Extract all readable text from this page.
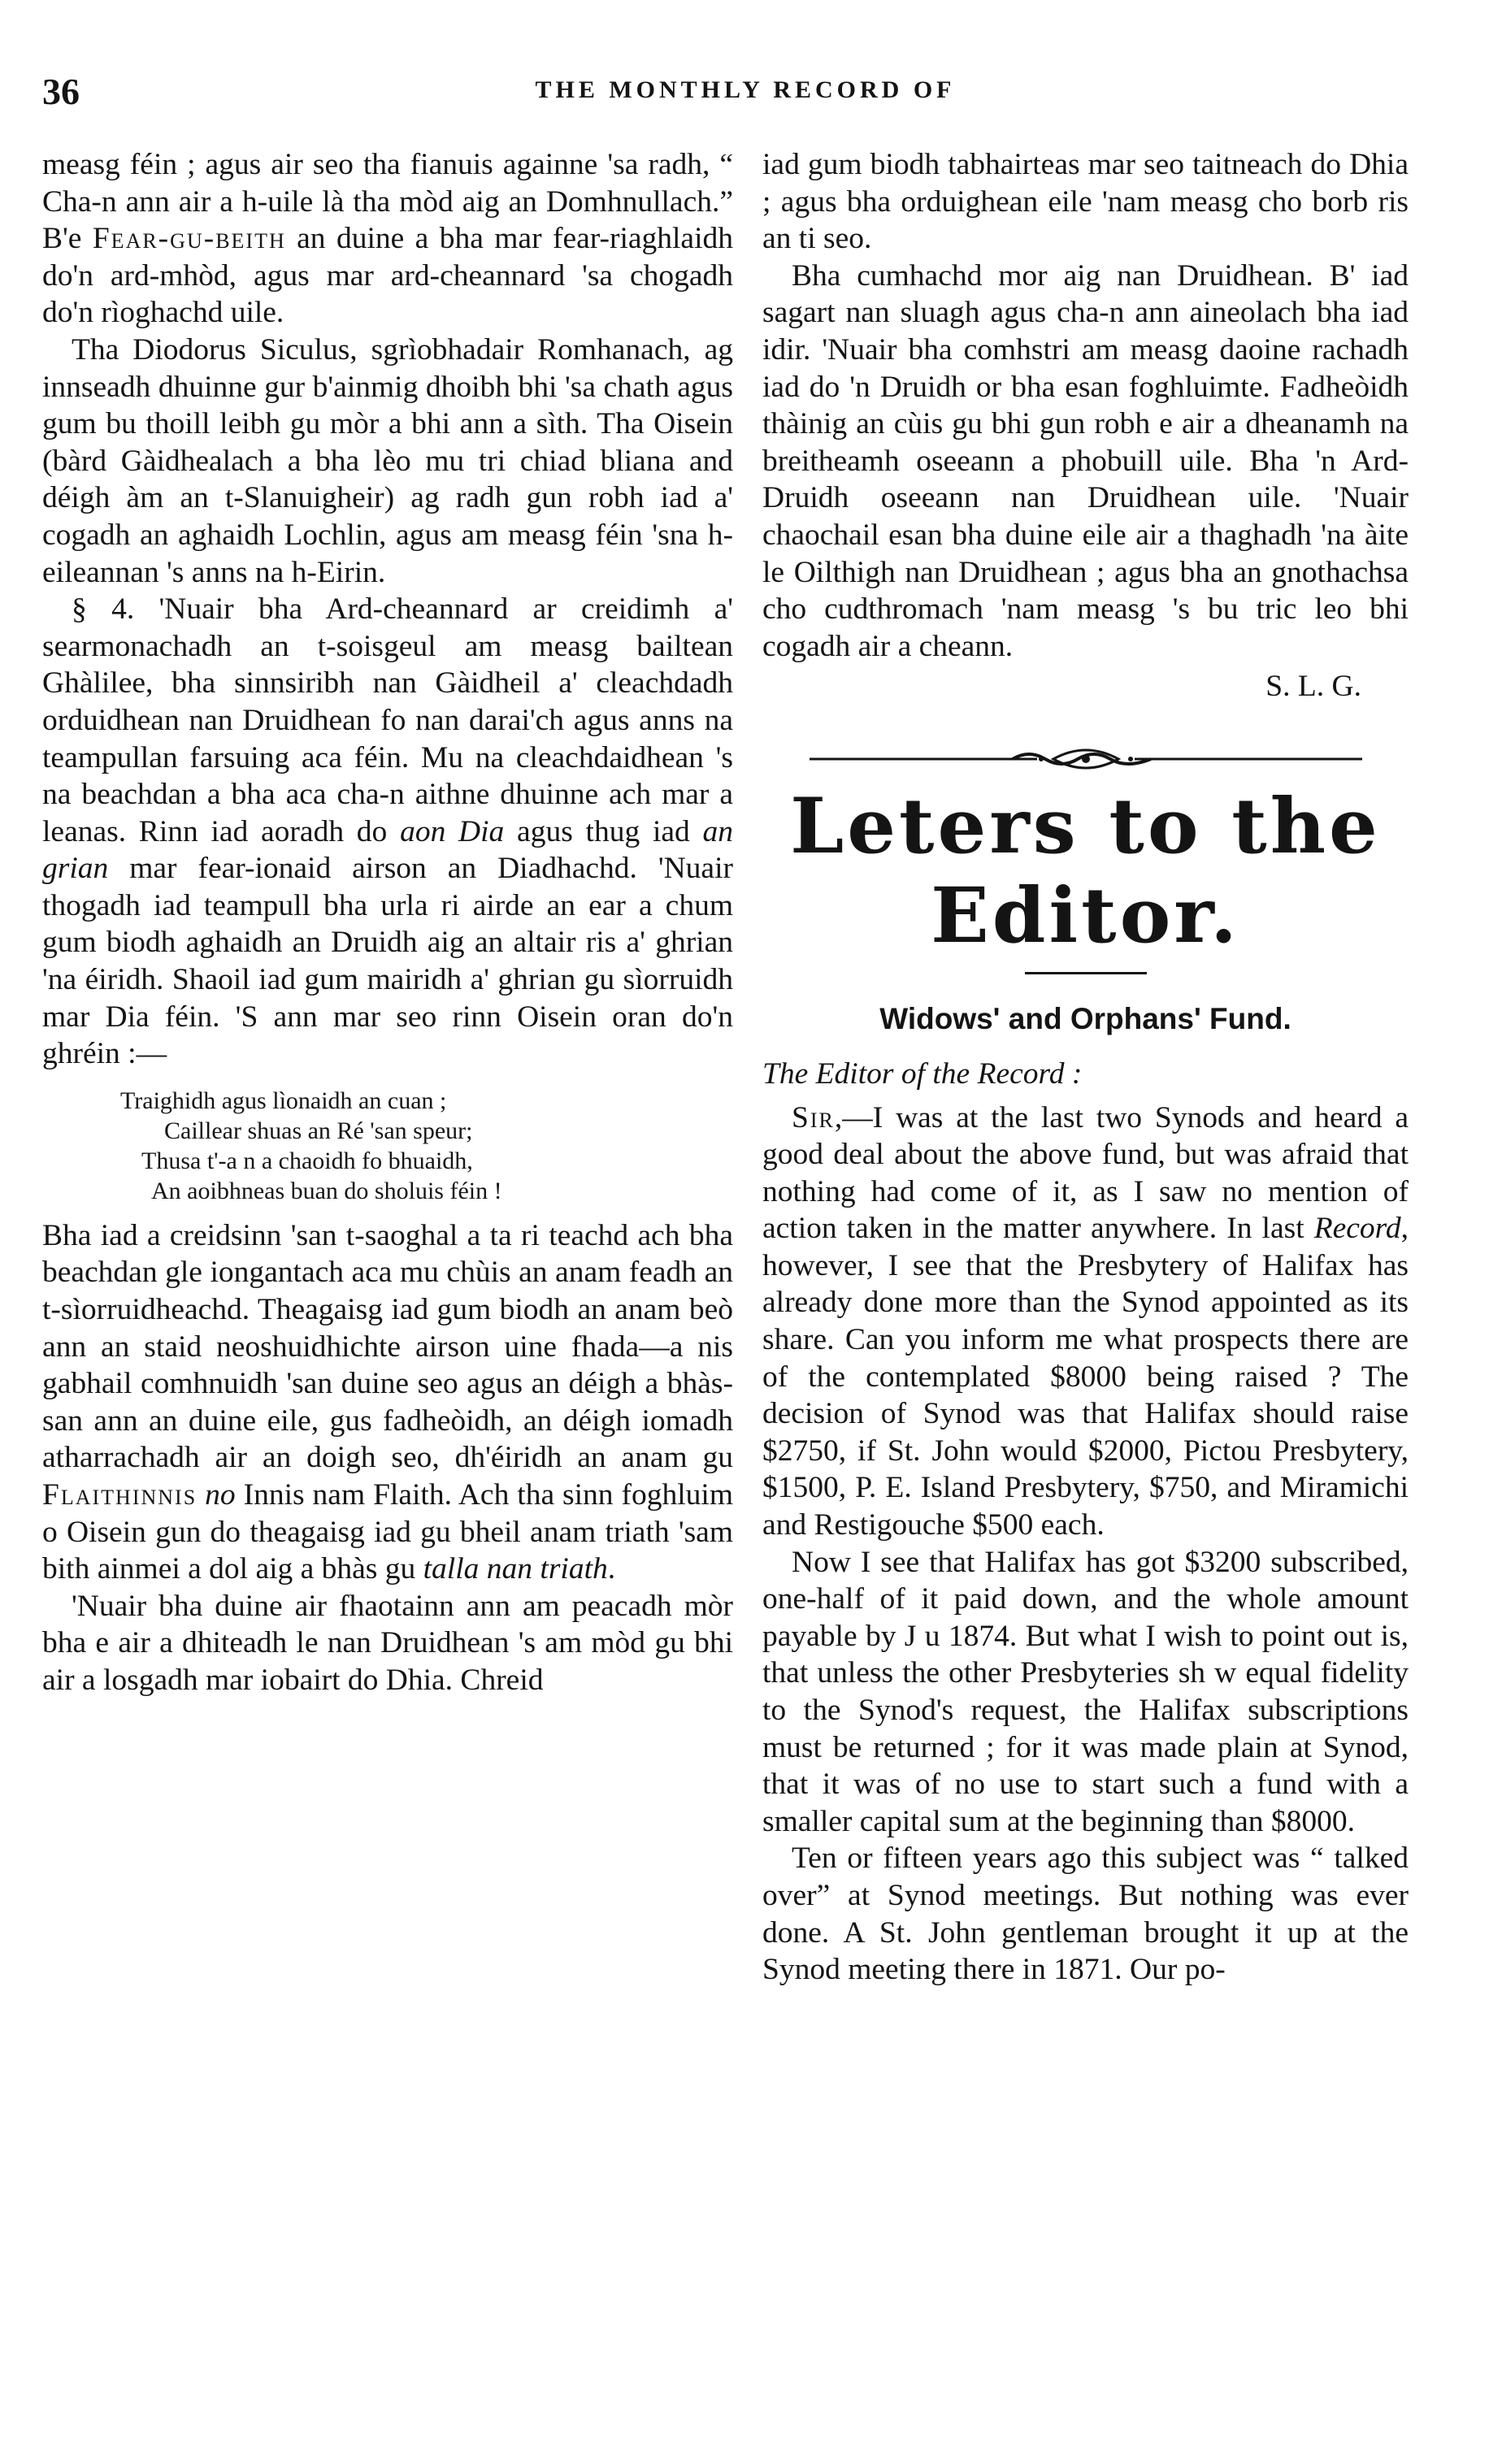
36	THE MONTHLY RECORD OF

measg féin ; agus air seo tha fianuis againne 'sa radh, “ Cha-n ann air a h-uile là tha mòd aig an Domhnullach.” B'e Fear-gu-beith an duine a bha mar fear-riaghlaidh do'n ard-mhòd, agus mar ard-cheannard 'sa chogadh do'n rìoghachd uile.

Tha Diodorus Siculus, sgrìobhadair Romhanach, ag innseadh dhuinne gur b'ainmig dhoibh bhi 'sa chath agus gum bu thoill leibh gu mòr a bhi ann a sìth. Tha Oisein (bàrd Gàidhealach a bha lèo mu tri chiad bliana and déigh àm an t-Slanuigheir) ag radh gun robh iad a' cogadh an aghaidh Lochlin, agus am measg féin 'sna h-eileannan 's anns na h-Eirin.

§ 4. 'Nuair bha Ard-cheannard ar creidimh a' searmonachadh an t-soisgeul am measg bailtean Ghàlilee, bha sinnsiribh nan Gàidheil a' cleachdadh orduidhean nan Druidhean fo nan darai'ch agus anns na teampullan farsuing aca féin. Mu na cleachdaidhean 's na beachdan a bha aca cha-n aithne dhuinne ach mar a leanas. Rinn iad aoradh do aon Dia agus thug iad an grian mar fear-ionaid airson an Diadhachd. 'Nuair thogadh iad teampull bha urla ri airde an ear a chum gum biodh aghaidh an Druidh aig an altair ris a' ghrian 'na éiridh. Shaoil iad gum mairidh a' ghrian gu sìorruidh mar Dia féin. 'S ann mar seo rinn Oisein oran do'n ghréin :—

Traighidh agus lìonaidh an cuan ;
Caillear shuas an Ré 'san speur;
Thusa t'-a n a chaoidh fo bhuaidh,
An aoibhneas buan do sholuis féin !

Bha iad a creidsinn 'san t-saoghal a ta ri teachd ach bha beachdan gle iongantach aca mu chùis an anam feadh an t-sìorruidheachd. Theagaisg iad gum biodh an anam beò ann an staid neoshuidhichte airson uine fhada—a nis gabhail comhnuidh 'san duine seo agus an déigh a bhàs-san ann an duine eile, gus fadheòidh, an déigh iomadh atharrachadh air an doigh seo, dh'éiridh an anam gu Flaithinnis no Innis nam Flaith. Ach tha sinn foghluim o Oisein gun do theagaisg iad gu bheil anam triath 'sam bith ainmei a dol aig a bhàs gu talla nan triath.

'Nuair bha duine air fhaotainn ann am peacadh mòr bha e air a dhiteadh le nan Druidhean 's am mòd gu bhi air a losgadh mar iobairt do Dhia. Chreid

iad gum biodh tabhairteas mar seo taitneach do Dhia ; agus bha orduighean eile 'nam measg cho borb ris an ti seo.

Bha cumhachd mor aig nan Druidhean. B' iad sagart nan sluagh agus cha-n ann aineolach bha iad idir. 'Nuair bha comhstri am measg daoine rachadh iad do 'n Druidh or bha esan foghluimte. Fadheòidh thàinig an cùis gu bhi gun robh e air a dheanamh na breitheamh oseeann a phobuill uile. Bha 'n Ard-Druidh oseeann nan Druidhean uile. 'Nuair chaochail esan bha duine eile air a thaghadh 'na àite le Oilthigh nan Druidhean ; agus bha an gnothachsa cho cudthromach 'nam measg 's bu tric leo bhi cogadh air a cheann.

S. L. G.
Leters to the Editor.
Widows' and Orphans' Fund.
The Editor of the Record :

Sir,—I was at the last two Synods and heard a good deal about the above fund, but was afraid that nothing had come of it, as I saw no mention of action taken in the matter anywhere. In last Record, however, I see that the Presbytery of Halifax has already done more than the Synod appointed as its share. Can you inform me what prospects there are of the contemplated $8000 being raised ? The decision of Synod was that Halifax should raise $2750, if St. John would $2000, Pictou Presbytery, $1500, P. E. Island Presbytery, $750, and Miramichi and Restigouche $500 each.

Now I see that Halifax has got $3200 subscribed, one-half of it paid down, and the whole amount payable by J u 1874. But what I wish to point out is, that unless the other Presbyteries sh w equal fidelity to the Synod's request, the Halifax subscriptions must be returned ; for it was made plain at Synod, that it was of no use to start such a fund with a smaller capital sum at the beginning than $8000.

Ten or fifteen years ago this subject was “ talked over” at Synod meetings. But nothing was ever done. A St. John gentleman brought it up at the Synod meeting there in 1871. Our po-
